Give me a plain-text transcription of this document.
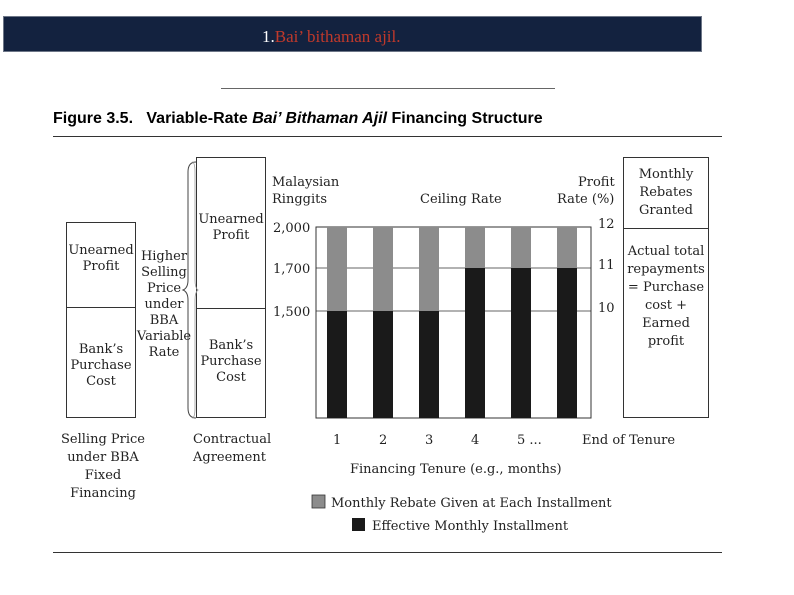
1.Bai’ bithaman ajil.
Figure 3.5. Variable-Rate Bai’ Bithaman Ajil Financing Structure
Unearned Profit
Bank’s Purchase Cost
Selling Price under BBA Fixed Financing
Higher Selling Price under BBA Variable Rate
Unearned Profit
Bank’s Purchase Cost
Contractual Agreement
Monthly Rebates Granted
Actual total repayments = Purchase cost + Earned profit
Malaysian
Ringgits	Ceiling Rate
Profit
Rate (%)
1,500
1,700
2,000
10
11
12
1	2	3	4	5 ...	End of Tenure
Financing Tenure (e.g., months)
Monthly Rebate Given at Each Installment
Effective Monthly Installment
